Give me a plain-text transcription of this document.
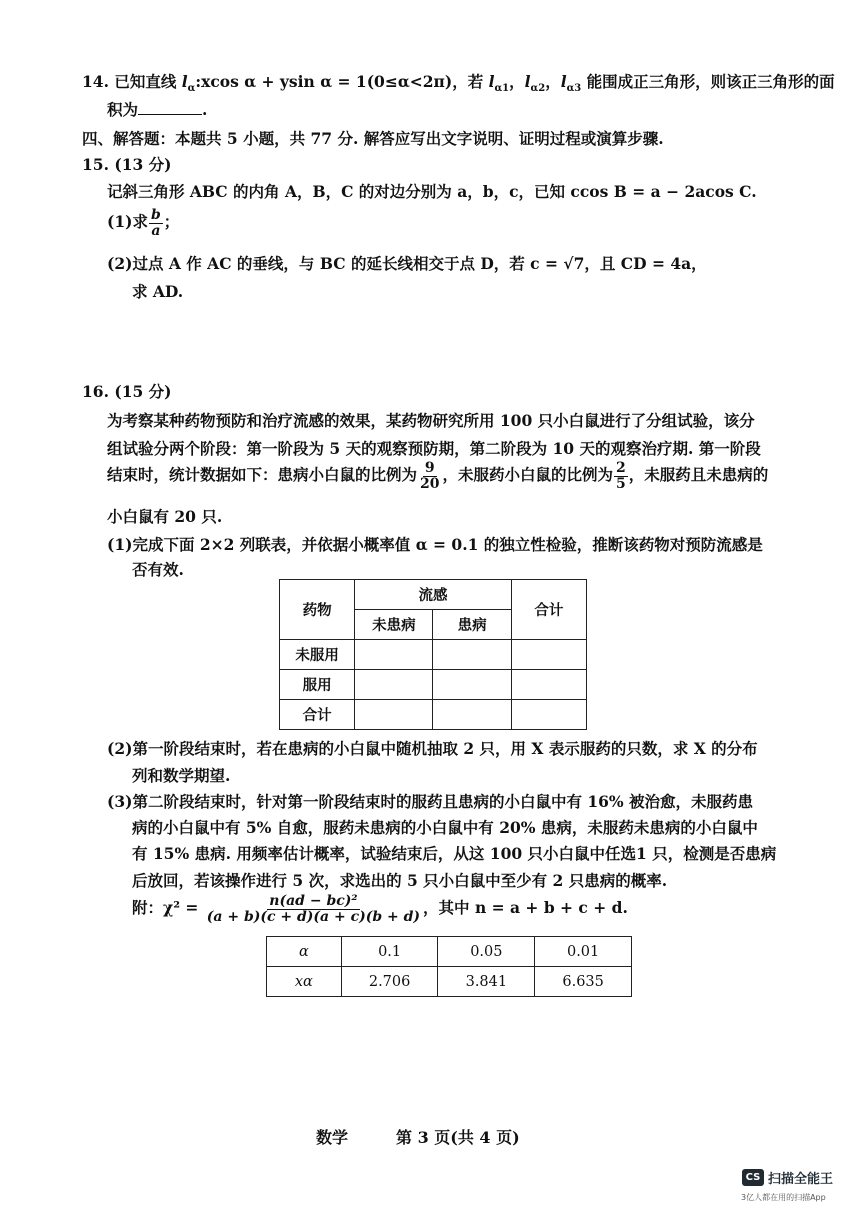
14. 已知直线 $l_\alpha:xcos$ α + ysin α = 1(0≤α<2π)，若 $l_{\alpha 1}$，$l_{\alpha 2}$，$l_{\alpha 3}$ 能围成正三角形，则该正三角形的面
积为	.
四、解答题：本题共 5 小题，共 77 分. 解答应写出文字说明、证明过程或演算步骤.
15. (13 分)
记斜三角形 ABC 的内角 A，B，C 的对边分别为 a，b，c，已知 ccos B = a − 2acos C.
(1)求 $\frac{b}{a}$ ；
(2)过点 A 作 AC 的垂线，与 BC 的延长线相交于点 D，若 c = √7，且 CD = 4a，
求 AD.
16. (15 分)
为考察某种药物预防和治疗流感的效果，某药物研究所用 100 只小白鼠进行了分组试验，该分
组试验分两个阶段：第一阶段为 5 天的观察预防期，第二阶段为 10 天的观察治疗期. 第一阶段
结束时，统计数据如下：患病小白鼠的比例为 $\frac{9}{20}$ ，未服药小白鼠的比例为 $\frac{2}{5}$ ，未服药且未患病的
小白鼠有 20 只.
(1)完成下面 2×2 列联表，并依据小概率值 α = 0.1 的独立性检验，推断该药物对预防流感是
否有效.
药物	流感		合计
	未患病	患病	
未服用			
服用			
合计			
(2)第一阶段结束时，若在患病的小白鼠中随机抽取 2 只，用 X 表示服药的只数，求 X 的分布
列和数学期望.
(3)第二阶段结束时，针对第一阶段结束时的服药且患病的小白鼠中有 16% 被治愈，未服药患
病的小白鼠中有 5% 自愈，服药未患病的小白鼠中有 20% 患病，未服药未患病的小白鼠中
有 15% 患病. 用频率估计概率，试验结束后，从这 100 只小白鼠中任选1 只，检测是否患病
后放回，若该操作进行 5 次，求选出的 5 只小白鼠中至少有 2 只患病的概率.
附：$\chi^2 = \frac{\text{n(ad − bc)²}}{(a + b)(c + d)(a + c)(b + d)}$ ，其中 n = a + b + c + d.
α	0.1	0.05	0.01
xα	2.706	3.841	6.635
数学　　　第 3 页(共 4 页)
CS 扫描全能王
3亿人都在用的扫描App
